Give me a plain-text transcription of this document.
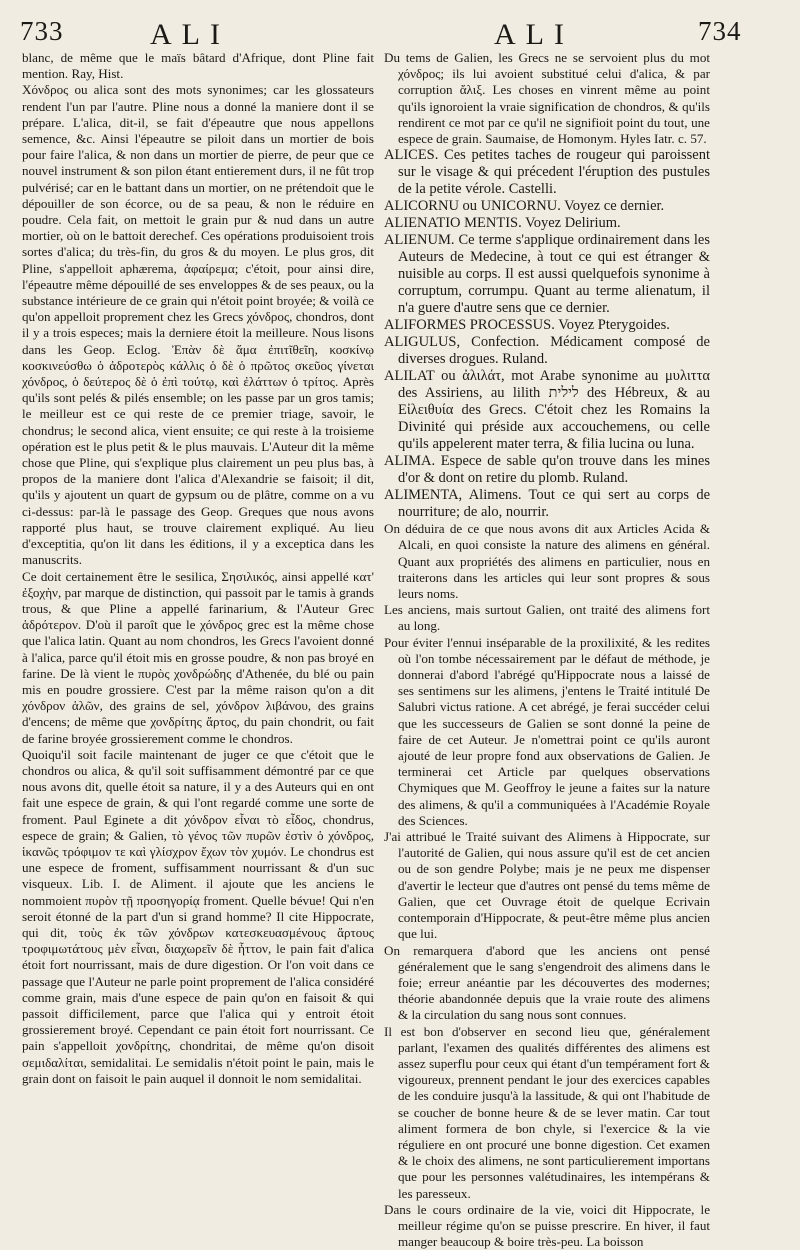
733	ALI	ALI	734

blanc, de même que le maïs bâtard d'Afrique, dont Pline fait mention. Ray, Hist.

Χόνδρος ou alica sont des mots synonimes; car les glossateurs rendent l'un par l'autre. Pline nous a donné la maniere dont il se prépare. L'alica, dit-il, se fait d'épeautre que nous appellons semence, &c. Ainsi l'épeautre se piloit dans un mortier de bois pour faire l'alica, & non dans un mortier de pierre, de peur que ce nouvel instrument & son pilon étant entierement durs, il ne fût trop pulvérisé; car en le battant dans un mortier, on ne prétendoit que le dépouiller de son écorce, ou de sa peau, & non le réduire en poudre. Cela fait, on mettoit le grain pur & nud dans un autre mortier, où on le battoit derechef. Ces opérations produisoient trois sortes d'alica; du très-fin, du gros & du moyen. Le plus gros, dit Pline, s'appelloit aphærema, ἀφαίρεμα; c'étoit, pour ainsi dire, l'épeautre même dépouillé de ses enveloppes & de ses peaux, ou la substance intérieure de ce grain qui n'étoit point broyée; & voilà ce qu'on appelloit proprement chez les Grecs χόνδρος, chondros, dont il y a trois especes; mais la derniere étoit la meilleure. Nous lisons dans les Geop. Eclog. Ἐπὰν δὲ ἅμα ἐπιτῖθεῖη, κοσκίνῳ κοσκινεύσθω ὁ ἀδροτερὸς κάλλις ὁ δὲ ὁ πρῶτος σκεῦος γίνεται χόνδρος, ὁ δεύτερος δὲ ὁ ἐπὶ τούτῳ, καὶ ἐλάττων ὁ τρίτος. Après qu'ils sont pelés & pilés ensemble; on les passe par un gros tamis; le meilleur est ce qui reste de ce premier triage, savoir, le chondrus; le second alica, vient ensuite; ce qui reste à la troisieme opération est le plus petit & le plus mauvais. L'Auteur dit la même chose que Pline, qui s'explique plus clairement un peu plus bas, à propos de la maniere dont l'alica d'Alexandrie se faisoit; il dit, qu'ils y ajoutent un quart de gypsum ou de plâtre, comme on a vu ci-dessus: par-là le passage des Geop. Greques que nous avons rapporté plus haut, se trouve clairement expliqué. Au lieu d'exceptitia, qu'on lit dans les éditions, il y a exceptica dans les manuscrits.

Ce doit certainement être le sesilica, Σησιλικός, ainsi appellé κατ' ἐξοχὴν, par marque de distinction, qui passoit par le tamis à grands trous, & que Pline a appellé farinarium, & l'Auteur Grec ἁδρότερον. D'où il paroît que le χόνδρος grec est la même chose que l'alica latin. Quant au nom chondros, les Grecs l'avoient donné à l'alica, parce qu'il étoit mis en grosse poudre, & non pas broyé en farine. De là vient le πυρὸς χονδρώδης d'Athenée, du blé ou pain mis en poudre grossiere. C'est par la même raison qu'on a dit χόνδρον ἁλῶν, des grains de sel, χόνδρον λιβάνου, des grains d'encens; de même que χονδρίτης ἄρτος, du pain chondrit, ou fait de farine broyée grossierement comme le chondros.

Quoiqu'il soit facile maintenant de juger ce que c'étoit que le chondros ou alica, & qu'il soit suffisamment démontré par ce que nous avons dit, quelle étoit sa nature, il y a des Auteurs qui en ont fait une espece de grain, & qui l'ont regardé comme une sorte de froment. Paul Eginete a dit χόνδρον εἶναι τὸ εἶδος, chondrus, espece de grain; & Galien, τὸ γένος τῶν πυρῶν ἐστὶν ὁ χόνδρος, ἱκανῶς τρόφιμον τε καὶ γλίσχρον ἔχων τὸν χυμόν. Le chondrus est une espece de froment, suffisamment nourrissant & d'un suc visqueux. Lib. I. de Aliment. il ajoute que les anciens le nommoient πυρὸν τῇ προσηγορίᾳ froment. Quelle bévue! Qui n'en seroit étonné de la part d'un si grand homme? Il cite Hippocrate, qui dit, τοὺς ἐκ τῶν χόνδρων κατεσκευασμένους ἄρτους τροφιμωτάτους μὲν εἶναι, διαχωρεῖν δὲ ἧττον, le pain fait d'alica étoit fort nourrissant, mais de dure digestion. Or l'on voit dans ce passage que l'Auteur ne parle point proprement de l'alica considéré comme grain, mais d'une espece de pain qu'on en faisoit & qui passoit difficilement, parce que l'alica qui y entroit étoit grossierement broyé. Cependant ce pain étoit fort nourrissant. Ce pain s'appelloit χονδρίτης, chondritai, de même qu'on disoit σεμιδαλίται, semidalitai. Le semidalis n'étoit point le pain, mais le grain dont on faisoit le pain auquel il donnoit le nom semidalitai.

Du tems de Galien, les Grecs ne se servoient plus du mot χόνδρος; ils lui avoient substitué celui d'alica, & par corruption ἄλιξ. Les choses en vinrent même au point qu'ils ignoroient la vraie signification de chondros, & qu'ils rendirent ce mot par ce qu'il ne signifioit point du tout, une espece de grain. Saumaise, de Homonym. Hyles Iatr. c. 57.

ALICES. Ces petites taches de rougeur qui paroissent sur le visage & qui précedent l'éruption des pustules de la petite vérole. Castelli.

ALICORNU ou UNICORNU. Voyez ce dernier.

ALIENATIO MENTIS. Voyez Delirium.

ALIENUM. Ce terme s'applique ordinairement dans les Auteurs de Medecine, à tout ce qui est étranger & nuisible au corps. Il est aussi quelquefois synonime à corruptum, corrumpu. Quant au terme alienatum, il n'a guere d'autre sens que ce dernier.

ALIFORMES PROCESSUS. Voyez Pterygoides.

ALIGULUS, Confection. Médicament composé de diverses drogues. Ruland.

ALILAT ou ἀλιλάτ, mot Arabe synonime au μυλιττα des Assiriens, au lilith לילית des Hébreux, & au Εἰλειθυία des Grecs. C'étoit chez les Romains la Divinité qui préside aux accouchemens, ou celle qu'ils appelerent mater terra, & filia lucina ou luna.

ALIMA. Espece de sable qu'on trouve dans les mines d'or & dont on retire du plomb. Ruland.

ALIMENTA, Alimens. Tout ce qui sert au corps de nourriture; de alo, nourrir.

On déduira de ce que nous avons dit aux Articles Acida & Alcali, en quoi consiste la nature des alimens en général. Quant aux propriétés des alimens en particulier, nous en traiterons dans les articles qui leur sont propres & sous leurs noms.

Les anciens, mais surtout Galien, ont traité des alimens fort au long.

Pour éviter l'ennui inséparable de la proxilixité, & les redites où l'on tombe nécessairement par le défaut de méthode, je donnerai d'abord l'abrégé qu'Hippocrate nous a laissé de ses sentimens sur les alimens, j'entens le Traité intitulé De Salubri victus ratione. A cet abrégé, je ferai succéder celui que les successeurs de Galien se sont donné la peine de faire de cet Auteur. Je n'omettrai point ce qu'ils auront ajouté de leur propre fond aux observations de Galien. Je terminerai cet Article par quelques observations Chymiques que M. Geoffroy le jeune a faites sur la nature des alimens, & qu'il a communiquées à l'Académie Royale des Sciences.

J'ai attribué le Traité suivant des Alimens à Hippocrate, sur l'autorité de Galien, qui nous assure qu'il est de cet ancien ou de son gendre Polybe; mais je ne peux me dispenser d'avertir le lecteur que d'autres ont pensé du tems même de Galien, que cet Ouvrage étoit de quelque Ecrivain contemporain d'Hippocrate, & peut-être même plus ancien que lui.

On remarquera d'abord que les anciens ont pensé généralement que le sang s'engendroit des alimens dans le foie; erreur anéantie par les découvertes des modernes; théorie abandonnée depuis que la vraie route des alimens & la circulation du sang nous sont connues.

Il est bon d'observer en second lieu que, généralement parlant, l'examen des qualités différentes des alimens est assez superflu pour ceux qui étant d'un tempérament fort & vigoureux, prennent pendant le jour des exercices capables de les conduire jusqu'à la lassitude, & qui ont l'habitude de se coucher de bonne heure & de se lever matin. Car tout aliment formera de bon chyle, si l'exercice & la vie réguliere en ont procuré une bonne digestion. Cet examen & le choix des alimens, ne sont particulierement importans que pour les personnes valétudinaires, les intempérans & les paresseux.

Dans le cours ordinaire de la vie, voici dit Hippocrate, le meilleur régime qu'on se puisse prescrire. En hiver, il faut manger beaucoup & boire très-peu. La boisson
